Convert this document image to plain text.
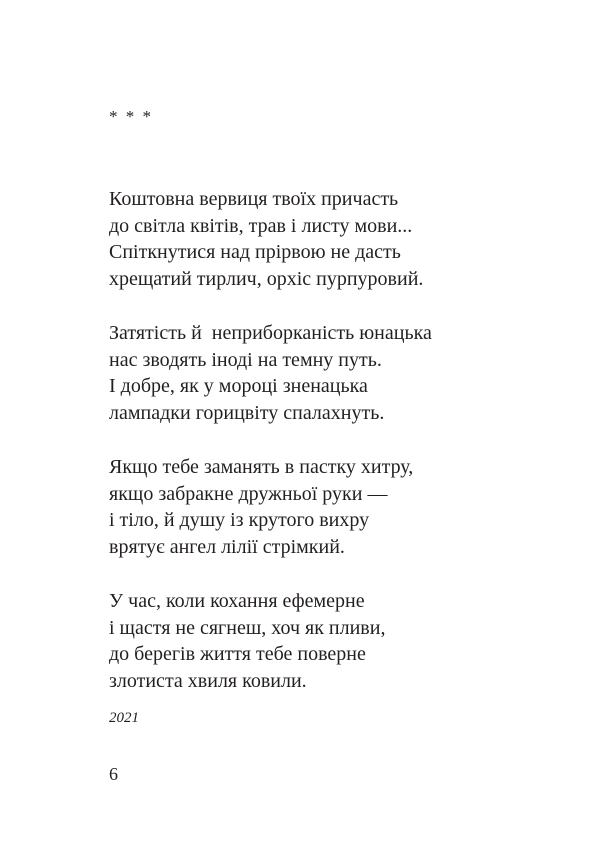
* * *
Коштовна вервиця твоїх причасть
до світла квітів, трав і листу мови...
Спіткнутися над прірвою не дасть
хрещатий тирлич, орхіс пурпуровий.
Затятість й  неприборканість юнацька
нас зводять іноді на темну путь.
І добре, як у мороці зненацька
лампадки горицвіту спалахнуть.
Якщо тебе заманять в пастку хитру,
якщо забракне дружньої руки —
і тіло, й душу із крутого вихру
врятує ангел лілії стрімкий.
У час, коли кохання ефемерне
і щастя не сягнеш, хоч як пливи,
до берегів життя тебе поверне
злотиста хвиля ковили.
2021
6
